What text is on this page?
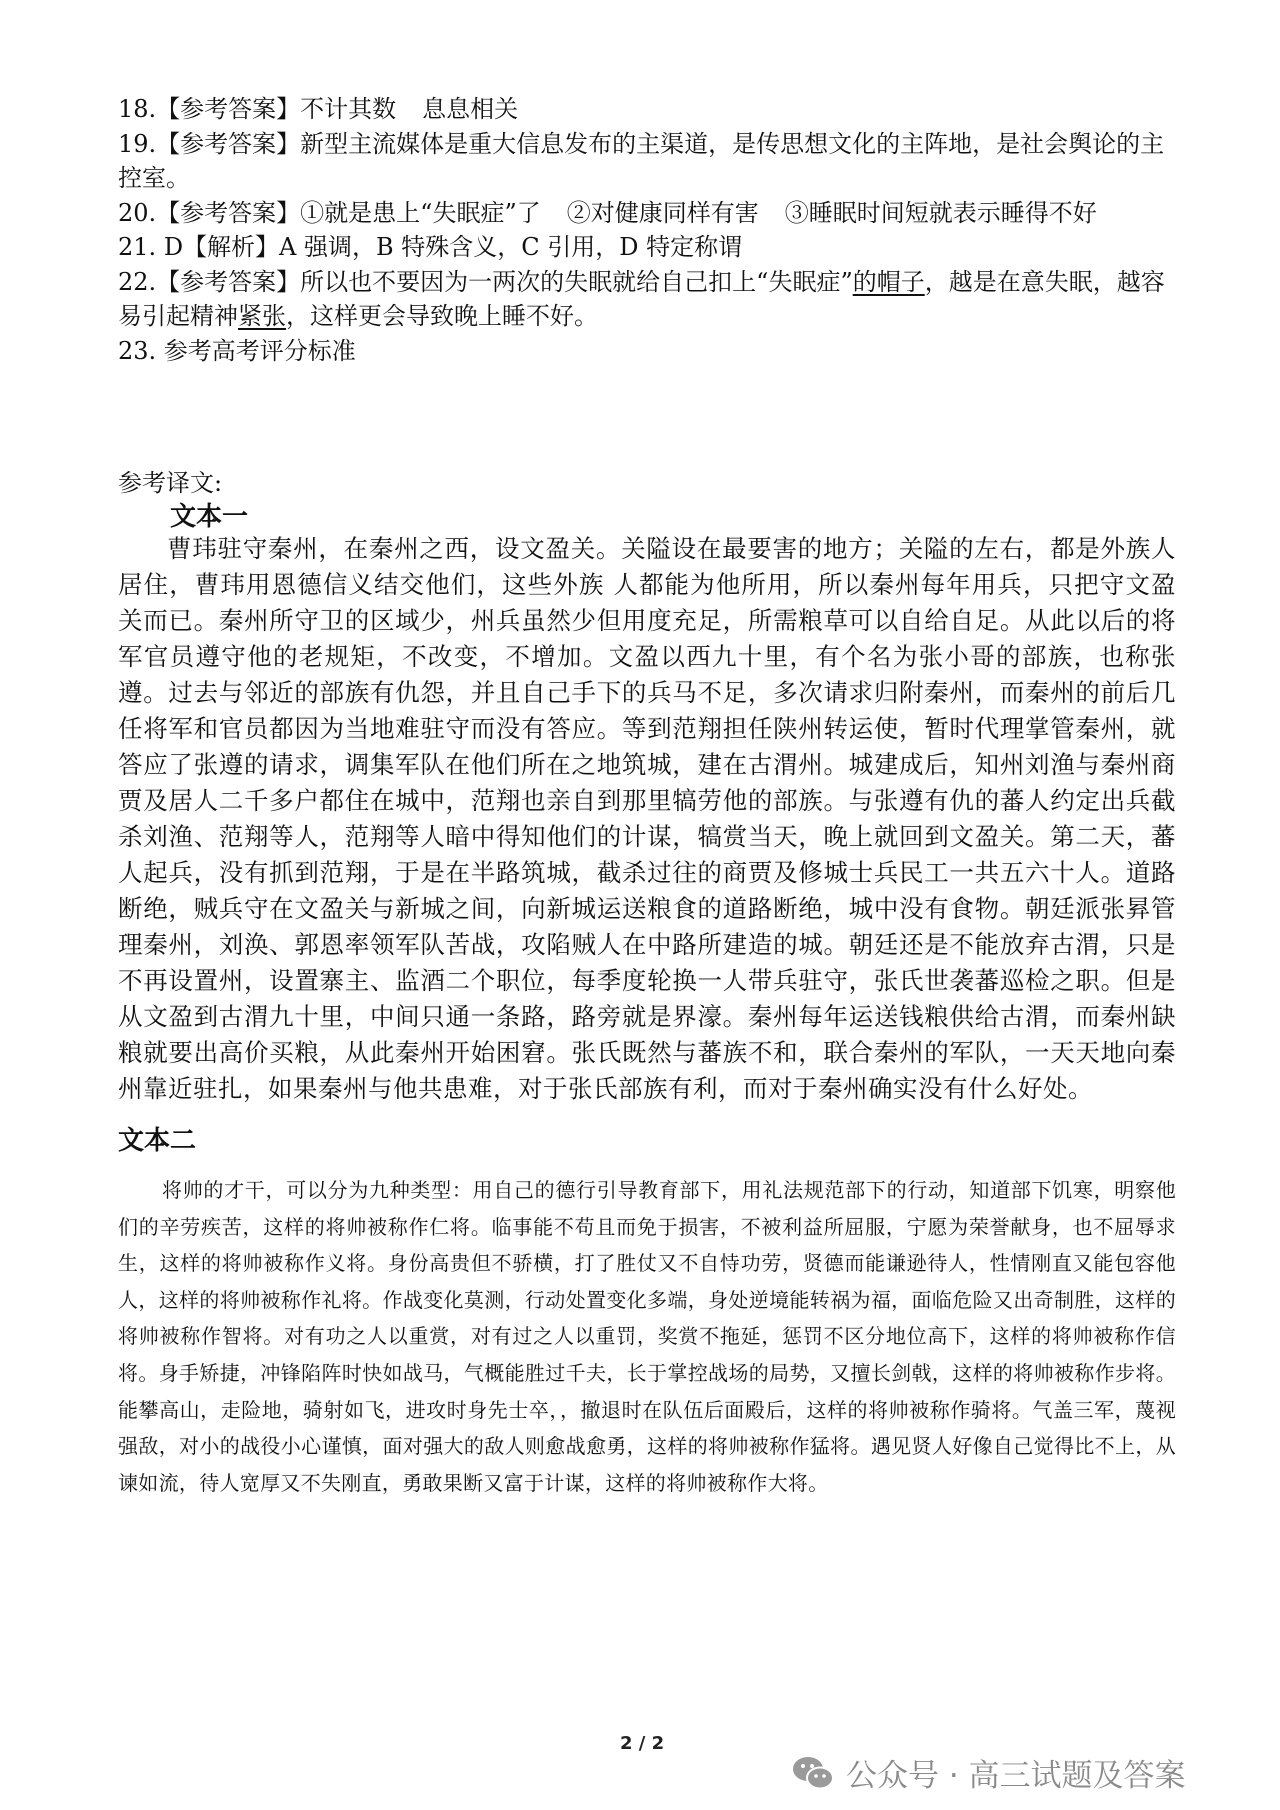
18.【参考答案】不计其数 息息相关

19.【参考答案】新型主流媒体是重大信息发布的主渠道，是传思想文化的主阵地，是社会舆论的主控室。

20.【参考答案】①就是患上“失眠症”了 ②对健康同样有害 ③睡眠时间短就表示睡得不好

21. D【解析】A 强调，B 特殊含义，C 引用，D 特定称谓

22.【参考答案】所以也不要因为一两次的失眠就给自己扣上“失眠症”的帽子，越是在意失眠，越容易引起精神紧张，这样更会导致晚上睡不好。

23. 参考高考评分标准

参考译文:
文本一

曹玮驻守秦州，在秦州之西，设文盈关。关隘设在最要害的地方；关隘的左右，都是外族人居住，曹玮用恩德信义结交他们，这些外族 人都能为他所用，所以秦州每年用兵，只把守文盈关而已。秦州所守卫的区域少，州兵虽然少但用度充足，所需粮草可以自给自足。从此以后的将军官员遵守他的老规矩，不改变，不增加。文盈以西九十里，有个名为张小哥的部族，也称张遵。过去与邻近的部族有仇怨，并且自己手下的兵马不足，多次请求归附秦州，而秦州的前后几任将军和官员都因为当地难驻守而没有答应。等到范翔担任陕州转运使，暂时代理掌管秦州，就答应了张遵的请求，调集军队在他们所在之地筑城，建在古渭州。城建成后，知州刘渔与秦州商贾及居人二千多户都住在城中，范翔也亲自到那里犒劳他的部族。与张遵有仇的蕃人约定出兵截杀刘渔、范翔等人，范翔等人暗中得知他们的计谋，犒赏当天，晚上就回到文盈关。第二天，蕃人起兵，没有抓到范翔，于是在半路筑城，截杀过往的商贾及修城士兵民工一共五六十人。道路断绝，贼兵守在文盈关与新城之间，向新城运送粮食的道路断绝，城中没有食物。朝廷派张昪管理秦州，刘涣、郭恩率领军队苦战，攻陷贼人在中路所建造的城。朝廷还是不能放弃古渭，只是不再设置州，设置寨主、监酒二个职位，每季度轮换一人带兵驻守，张氏世袭蕃巡检之职。但是从文盈到古渭九十里，中间只通一条路，路旁就是界濠。秦州每年运送钱粮供给古渭，而秦州缺粮就要出高价买粮，从此秦州开始困窘。张氏既然与蕃族不和，联合秦州的军队，一天天地向秦州靠近驻扎，如果秦州与他共患难，对于张氏部族有利，而对于秦州确实没有什么好处。

文本二

将帅的才干，可以分为九种类型：用自己的德行引导教育部下，用礼法规范部下的行动，知道部下饥寒，明察他们的辛劳疾苦，这样的将帅被称作仁将。临事能不苟且而免于损害，不被利益所屈服，宁愿为荣誉献身，也不屈辱求生，这样的将帅被称作义将。身份高贵但不骄横，打了胜仗又不自恃功劳，贤德而能谦逊待人，性情刚直又能包容他人，这样的将帅被称作礼将。作战变化莫测，行动处置变化多端，身处逆境能转祸为福，面临危险又出奇制胜，这样的将帅被称作智将。对有功之人以重赏，对有过之人以重罚，奖赏不拖延，惩罚不区分地位高下，这样的将帅被称作信将。身手矫捷，冲锋陷阵时快如战马，气概能胜过千夫，长于掌控战场的局势，又擅长剑戟，这样的将帅被称作步将。能攀高山，走险地，骑射如飞，进攻时身先士卒，，撤退时在队伍后面殿后，这样的将帅被称作骑将。气盖三军，蔑视强敌，对小的战役小心谨慎，面对强大的敌人则愈战愈勇，这样的将帅被称作猛将。遇见贤人好像自己觉得比不上，从谏如流，待人宽厚又不失刚直，勇敢果断又富于计谋，这样的将帅被称作大将。

2 / 2
公众号 · 高三试题及答案
